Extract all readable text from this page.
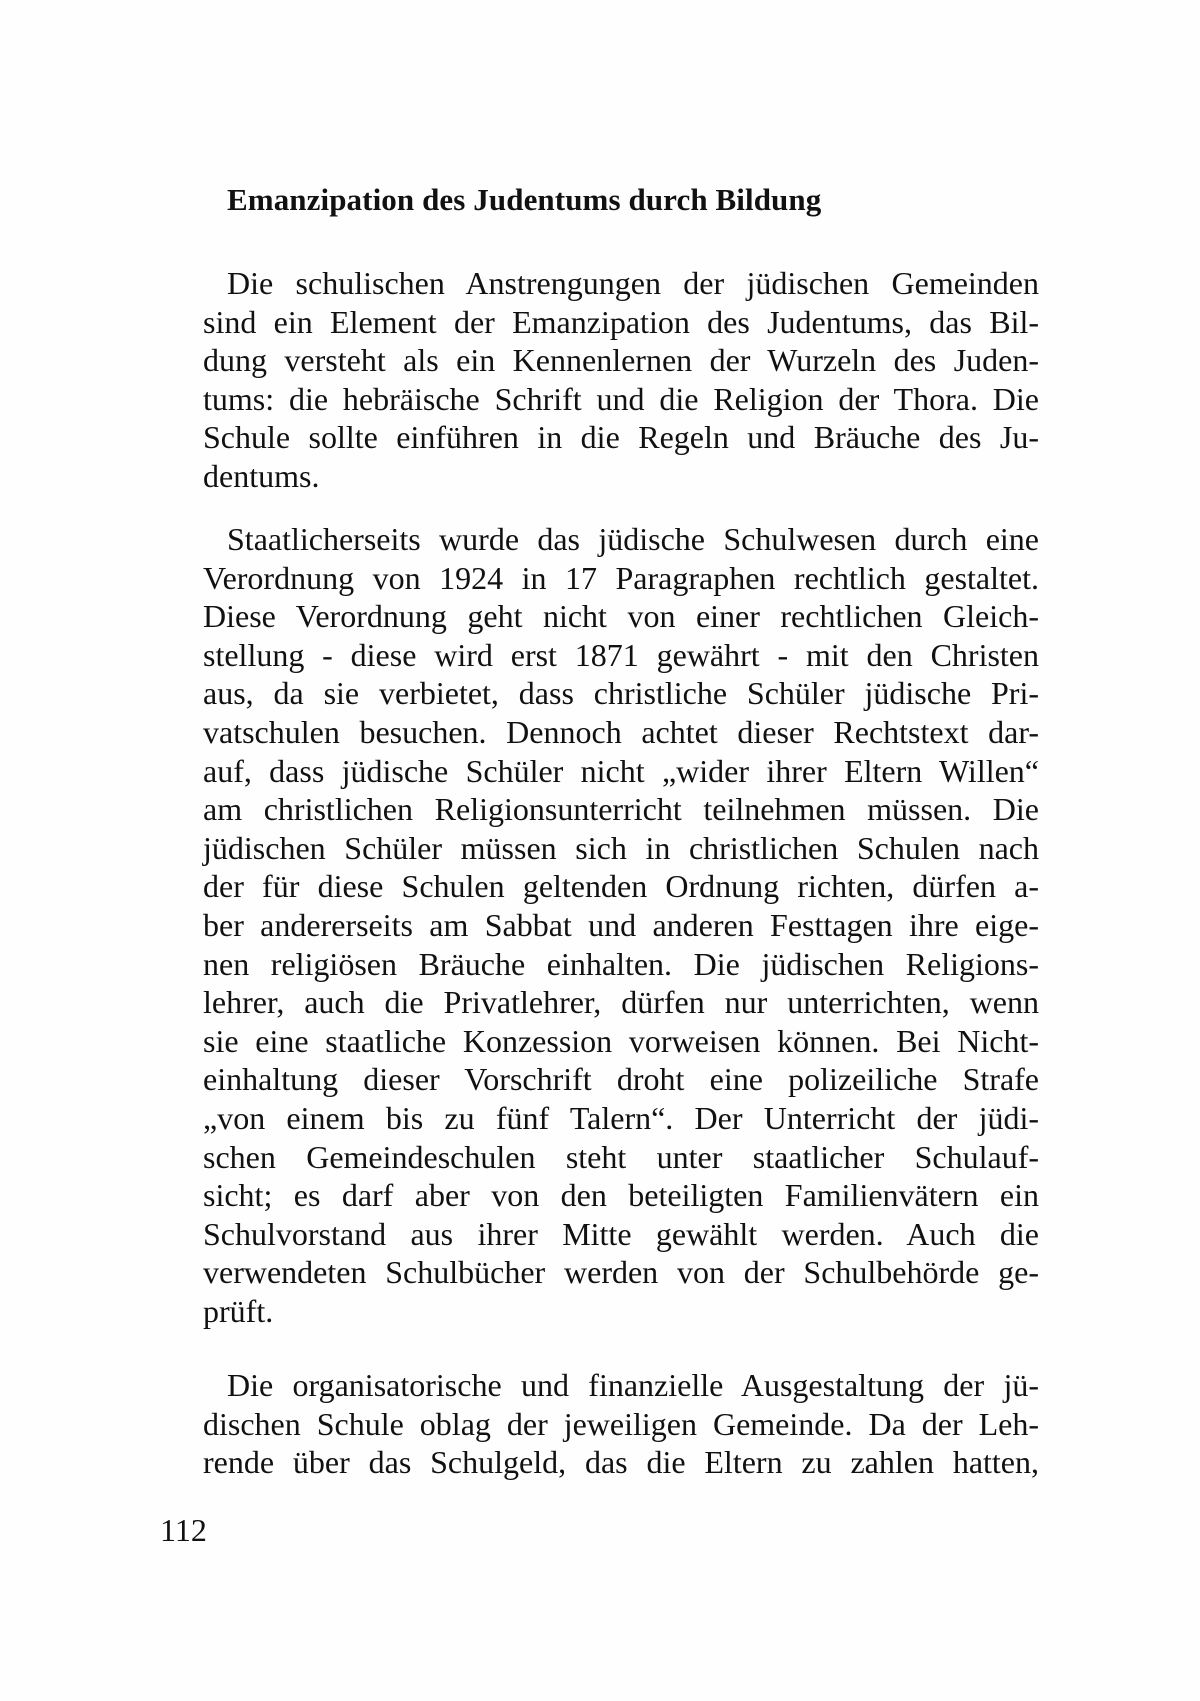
Emanzipation des Judentums durch Bildung
Die schulischen Anstrengungen der jüdischen Gemeinden
sind ein Element der Emanzipation des Judentums, das Bil-
dung versteht als ein Kennenlernen der Wurzeln des Juden-
tums: die hebräische Schrift und die Religion der Thora. Die
Schule sollte einführen in die Regeln und Bräuche des Ju-
dentums.
Staatlicherseits wurde das jüdische Schulwesen durch eine
Verordnung von 1924 in 17 Paragraphen rechtlich gestaltet.
Diese Verordnung geht nicht von einer rechtlichen Gleich-
stellung - diese wird erst 1871 gewährt - mit den Christen
aus, da sie verbietet, dass christliche Schüler jüdische Pri-
vatschulen besuchen. Dennoch achtet dieser Rechtstext dar-
auf, dass jüdische Schüler nicht „wider ihrer Eltern Willen“
am christlichen Religionsunterricht teilnehmen müssen. Die
jüdischen Schüler müssen sich in christlichen Schulen nach
der für diese Schulen geltenden Ordnung richten, dürfen a-
ber andererseits am Sabbat und anderen Festtagen ihre eige-
nen religiösen Bräuche einhalten. Die jüdischen Religions-
lehrer, auch die Privatlehrer, dürfen nur unterrichten, wenn
sie eine staatliche Konzession vorweisen können. Bei Nicht-
einhaltung dieser Vorschrift droht eine polizeiliche Strafe
„von einem bis zu fünf Talern“. Der Unterricht der jüdi-
schen Gemeindeschulen steht unter staatlicher Schulauf-
sicht; es darf aber von den beteiligten Familienvätern ein
Schulvorstand aus ihrer Mitte gewählt werden. Auch die
verwendeten Schulbücher werden von der Schulbehörde ge-
prüft.
Die organisatorische und finanzielle Ausgestaltung der jü-
dischen Schule oblag der jeweiligen Gemeinde. Da der Leh-
rende über das Schulgeld, das die Eltern zu zahlen hatten,
112
